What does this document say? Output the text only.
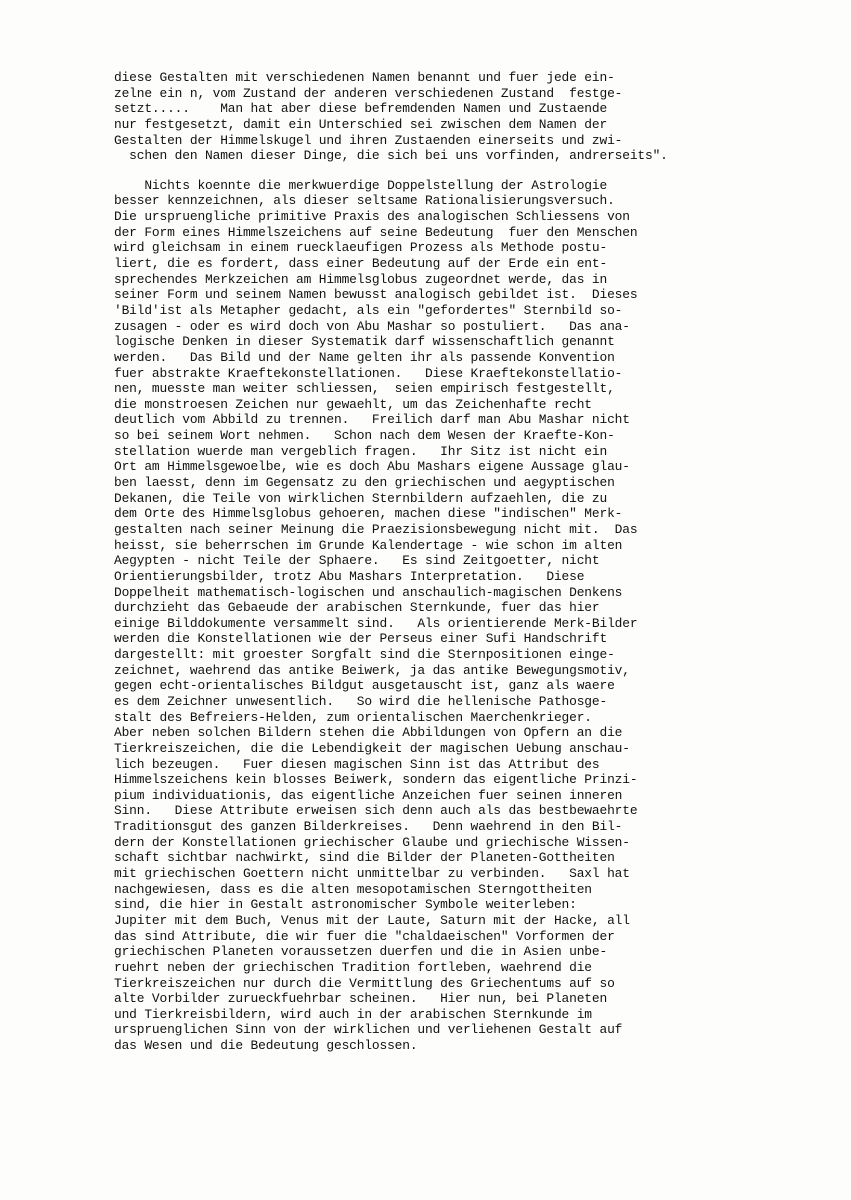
diese Gestalten mit verschiedenen Namen benannt und fuer jede ein-
zelne ein n, vom Zustand der anderen verschiedenen Zustand  festge-
setzt.....    Man hat aber diese befremdenden Namen und Zustaende
nur festgesetzt, damit ein Unterschied sei zwischen dem Namen der
Gestalten der Himmelskugel und ihren Zustaenden einerseits und zwi-
schen den Namen dieser Dinge, die sich bei uns vorfinden, andrerseits".
Nichts koennte die merkwuerdige Doppelstellung der Astrologie
besser kennzeichnen, als dieser seltsame Rationalisierungsversuch.
Die urspruengliche primitive Praxis des analogischen Schliessens von
der Form eines Himmelszeichens auf seine Bedeutung  fuer den Menschen
wird gleichsam in einem ruecklaeufigen Prozess als Methode postu-
liert, die es fordert, dass einer Bedeutung auf der Erde ein ent-
sprechendes Merkzeichen am Himmelsglobus zugeordnet werde, das in
seiner Form und seinem Namen bewusst analogisch gebildet ist.  Dieses
'Bild'ist als Metapher gedacht, als ein "gefordertes" Sternbild so-
zusagen - oder es wird doch von Abu Mashar so postuliert.   Das ana-
logische Denken in dieser Systematik darf wissenschaftlich genannt
werden.   Das Bild und der Name gelten ihr als passende Konvention
fuer abstrakte Kraeftekonstellationen.   Diese Kraeftekonstellatio-
nen, muesste man weiter schliessen,  seien empirisch festgestellt,
die monstroesen Zeichen nur gewaehlt, um das Zeichenhafte recht
deutlich vom Abbild zu trennen.   Freilich darf man Abu Mashar nicht
so bei seinem Wort nehmen.   Schon nach dem Wesen der Kraefte-Kon-
stellation wuerde man vergeblich fragen.   Ihr Sitz ist nicht ein
Ort am Himmelsgewoelbe, wie es doch Abu Mashars eigene Aussage glau-
ben laesst, denn im Gegensatz zu den griechischen und aegyptischen
Dekanen, die Teile von wirklichen Sternbildern aufzaehlen, die zu
dem Orte des Himmelsglobus gehoeren, machen diese "indischen" Merk-
gestalten nach seiner Meinung die Praezisionsbewegung nicht mit.  Das
heisst, sie beherrschen im Grunde Kalendertage - wie schon im alten
Aegypten - nicht Teile der Sphaere.   Es sind Zeitgoetter, nicht
Orientierungsbilder, trotz Abu Mashars Interpretation.   Diese
Doppelheit mathematisch-logischen und anschaulich-magischen Denkens
durchzieht das Gebaeude der arabischen Sternkunde, fuer das hier
einige Bilddokumente versammelt sind.   Als orientierende Merk-Bilder
werden die Konstellationen wie der Perseus einer Sufi Handschrift
dargestellt: mit groester Sorgfalt sind die Sternpositionen einge-
zeichnet, waehrend das antike Beiwerk, ja das antike Bewegungsmotiv,
gegen echt-orientalisches Bildgut ausgetauscht ist, ganz als waere
es dem Zeichner unwesentlich.   So wird die hellenische Pathosge-
stalt des Befreiers-Helden, zum orientalischen Maerchenkrieger.
Aber neben solchen Bildern stehen die Abbildungen von Opfern an die
Tierkreiszeichen, die die Lebendigkeit der magischen Uebung anschau-
lich bezeugen.   Fuer diesen magischen Sinn ist das Attribut des
Himmelszeichens kein blosses Beiwerk, sondern das eigentliche Prinzi-
pium individuationis, das eigentliche Anzeichen fuer seinen inneren
Sinn.   Diese Attribute erweisen sich denn auch als das bestbewaehrte
Traditionsgut des ganzen Bilderkreises.   Denn waehrend in den Bil-
dern der Konstellationen griechischer Glaube und griechische Wissen-
schaft sichtbar nachwirkt, sind die Bilder der Planeten-Gottheiten
mit griechischen Goettern nicht unmittelbar zu verbinden.   Saxl hat
nachgewiesen, dass es die alten mesopotamischen Sterngottheiten
sind, die hier in Gestalt astronomischer Symbole weiterleben:
Jupiter mit dem Buch, Venus mit der Laute, Saturn mit der Hacke, all
das sind Attribute, die wir fuer die "chaldaeischen" Vorformen der
griechischen Planeten voraussetzen duerfen und die in Asien unbe-
ruehrt neben der griechischen Tradition fortleben, waehrend die
Tierkreiszeichen nur durch die Vermittlung des Griechentums auf so
alte Vorbilder zurueckfuehrbar scheinen.   Hier nun, bei Planeten
und Tierkreisbildern, wird auch in der arabischen Sternkunde im
urspruenglichen Sinn von der wirklichen und verliehenen Gestalt auf
das Wesen und die Bedeutung geschlossen.
